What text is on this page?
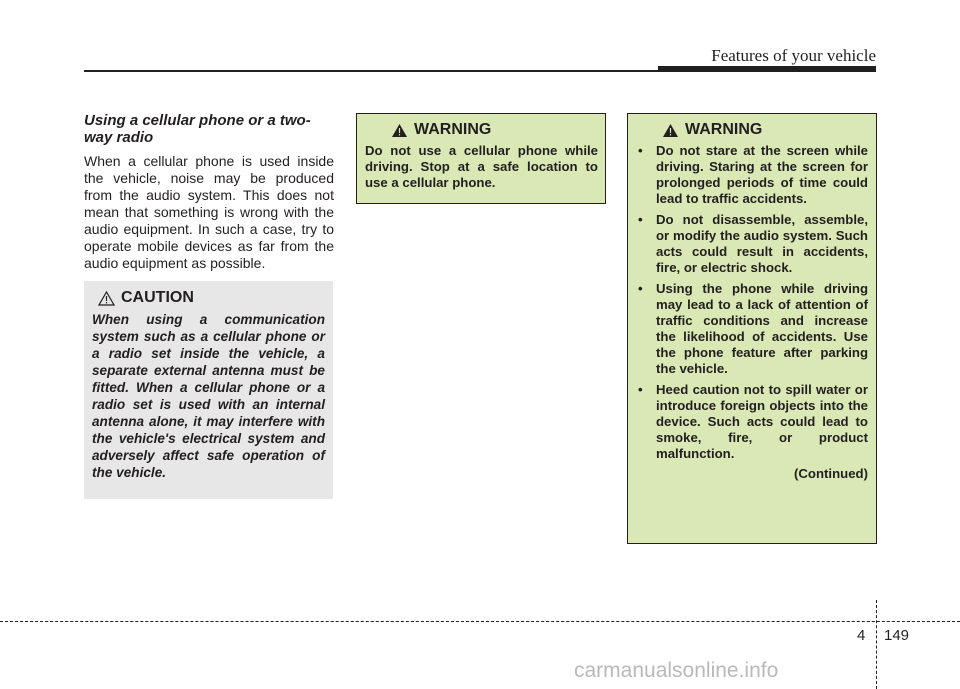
Features of your vehicle

Using a cellular phone or a two-way radio

When a cellular phone is used inside the vehicle, noise may be produced from the audio system. This does not mean that something is wrong with the audio equipment. In such a case, try to operate mobile devices as far from the audio equipment as possible.

CAUTION

When using a communication system such as a cellular phone or a radio set inside the vehicle, a separate external antenna must be fitted. When a cellular phone or a radio set is used with an internal antenna alone, it may interfere with the vehicle's electrical system and adversely affect safe operation of the vehicle.

WARNING

Do not use a cellular phone while driving. Stop at a safe location to use a cellular phone.

WARNING
• Do not stare at the screen while driving. Staring at the screen for prolonged periods of time could lead to traffic accidents.
• Do not disassemble, assemble, or modify the audio system. Such acts could result in accidents, fire, or electric shock.
• Using the phone while driving may lead to a lack of attention of traffic conditions and increase the likelihood of accidents. Use the phone feature after parking the vehicle.
• Heed caution not to spill water or introduce foreign objects into the device. Such acts could lead to smoke, fire, or product malfunction.
(Continued)
4 149
carmanualsonline.info
